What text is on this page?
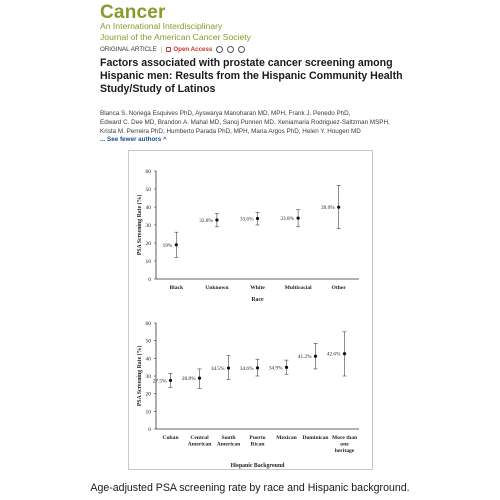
Cancer
An International Interdisciplinary
Journal of the American Cancer Society
ORIGINAL ARTICLE | Open Access
Factors associated with prostate cancer screening among Hispanic men: Results from the Hispanic Community Health Study/Study of Latinos
Blanca S. Noriega Esquives PhD, Ayswarya Manoharan MD, MPH, Frank J. Penedo PhD,
Edward C. Dee MD, Brandon A. Mahal MD, Sanoj Punnen MD, Xeniamaria Rodriguez-Saltzman MSPH,
Krista M. Perreira PhD, Humberto Parada PhD, MPH, Maria Argos PhD, Helen Y. Hougen MD
... See fewer authors ^
0
10
20
30
40
50
60
PSA Screening Rate (%)	19%
Black
32.8%
Unknown
33.6%
White
33.8%
Multiracial
39.9%
Other
Race
0
10
20
30
40
50
60
PSA Screening Rate (%) 27.5%
Cuban
28.8%
Central
American
34.5%
South
American
34.6%
Puerto
Rican
34.9%
Mexican
41.2%
Dominican
42.6%
More than
one
heritage
Hispanic Background
Age-adjusted PSA screening rate by race and Hispanic background.
